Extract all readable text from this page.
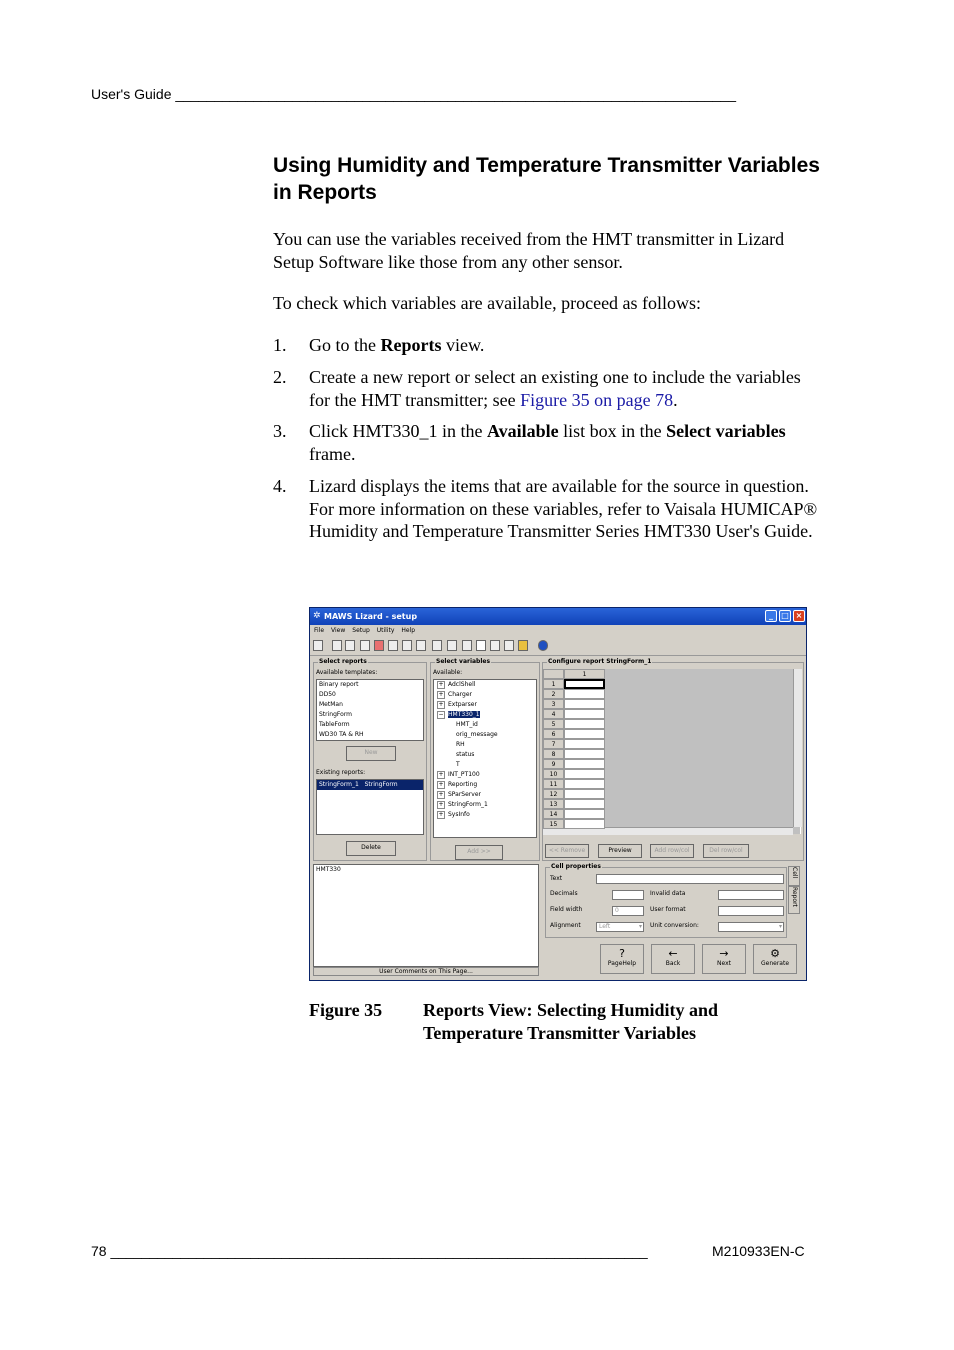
User's Guide ________________________________________________________________________
Using Humidity and Temperature Transmitter Variables in Reports

You can use the variables received from the HMT transmitter in Lizard Setup Software like those from any other sensor.

To check which variables are available, proceed as follows:

1. Go to the Reports view.
2. Create a new report or select an existing one to include the variables for the HMT transmitter; see Figure 35 on page 78.
3. Click HMT330_1 in the Available list box in the Select variables frame.
4. Lizard displays the items that are available for the source in question. For more information on these variables, refer to Vaisala HUMICAP® Humidity and Temperature Transmitter Series HMT330 User's Guide.
✲ MAWS Lizard - setup	_	□ ×
File View Setup Utility Help
Select reports
Available templates:
Binary report
DD50
MetMan
StringForm
TableForm
WD30 TA & RH
New
Existing reports:
StringForm_1 StringForm
Delete
Select variables
Available:
+ AdclShell
+ Charger
+ Extparser
− HMT330_1
HMT_id
orig_message
RH
status
T
+ INT_PT100
+ Reporting
+ SParServer
+ StringForm_1
+ SysInfo
Add >>
Configure report StringForm_1
1
1
2
3
4
5
6
7
8
9
10
11
12
13
14
15
<< Remove	Preview	Add row/col	Del row/col
HMT330
User Comments on This Page...
Cell properties
Text
Decimals	Invalid data
Field width	0	User format
Alignment	Left	▾ Unit conversion:	▾
Cell
Report
?
PageHelp
←
Back
→
Next
⚙
Generate
Figure 35 Reports View: Selecting Humidity and Temperature Transmitter Variables
78 _____________________________________________________________________	M210933EN-C
